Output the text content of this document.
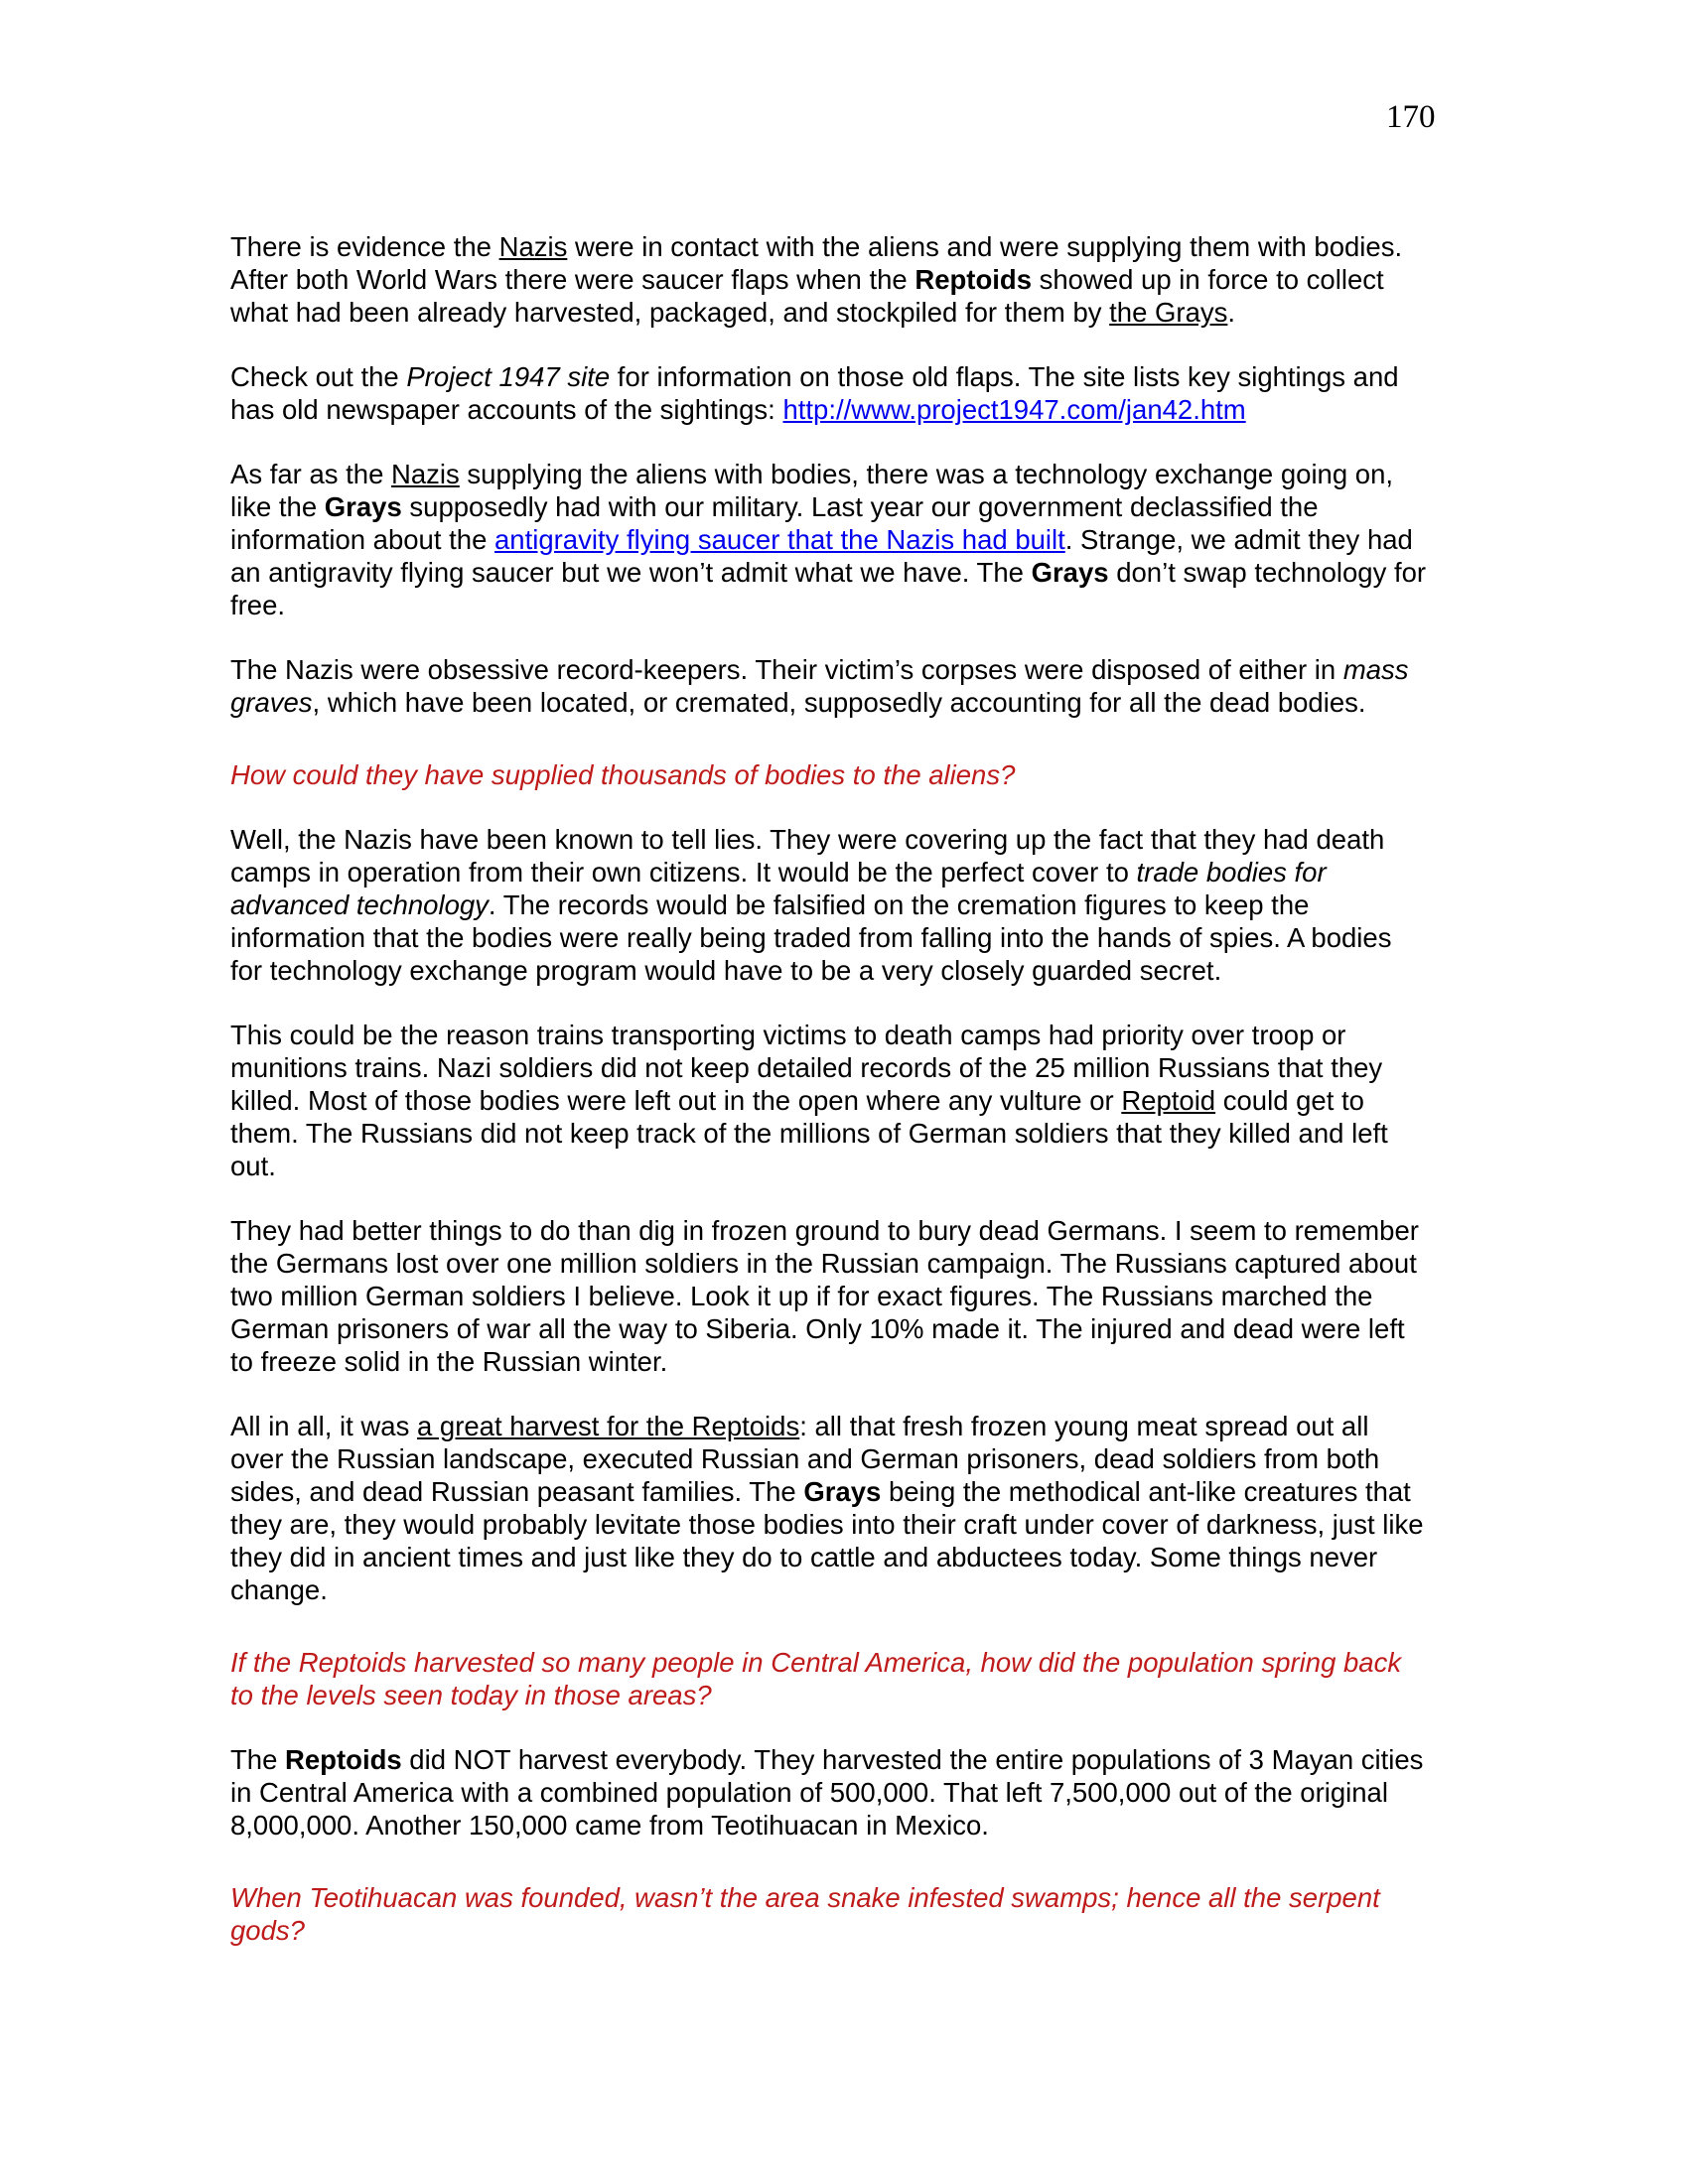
170

There is evidence the Nazis were in contact with the aliens and were supplying them with bodies. After both World Wars there were saucer flaps when the Reptoids showed up in force to collect what had been already harvested, packaged, and stockpiled for them by the Grays.

Check out the Project 1947 site for information on those old flaps. The site lists key sightings and has old newspaper accounts of the sightings: http://www.project1947.com/jan42.htm

As far as the Nazis supplying the aliens with bodies, there was a technology exchange going on, like the Grays supposedly had with our military. Last year our government declassified the information about the antigravity flying saucer that the Nazis had built. Strange, we admit they had an antigravity flying saucer but we won’t admit what we have. The Grays don’t swap technology for free.

The Nazis were obsessive record-keepers. Their victim’s corpses were disposed of either in mass graves, which have been located, or cremated, supposedly accounting for all the dead bodies.

How could they have supplied thousands of bodies to the aliens?

Well, the Nazis have been known to tell lies. They were covering up the fact that they had death camps in operation from their own citizens. It would be the perfect cover to trade bodies for advanced technology. The records would be falsified on the cremation figures to keep the information that the bodies were really being traded from falling into the hands of spies. A bodies for technology exchange program would have to be a very closely guarded secret.

This could be the reason trains transporting victims to death camps had priority over troop or munitions trains. Nazi soldiers did not keep detailed records of the 25 million Russians that they killed. Most of those bodies were left out in the open where any vulture or Reptoid could get to them. The Russians did not keep track of the millions of German soldiers that they killed and left out.

They had better things to do than dig in frozen ground to bury dead Germans. I seem to remember the Germans lost over one million soldiers in the Russian campaign. The Russians captured about two million German soldiers I believe. Look it up if for exact figures. The Russians marched the German prisoners of war all the way to Siberia. Only 10% made it. The injured and dead were left to freeze solid in the Russian winter.

All in all, it was a great harvest for the Reptoids: all that fresh frozen young meat spread out all over the Russian landscape, executed Russian and German prisoners, dead soldiers from both sides, and dead Russian peasant families. The Grays being the methodical ant-like creatures that they are, they would probably levitate those bodies into their craft under cover of darkness, just like they did in ancient times and just like they do to cattle and abductees today. Some things never change.

If the Reptoids harvested so many people in Central America, how did the population spring back to the levels seen today in those areas?

The Reptoids did NOT harvest everybody. They harvested the entire populations of 3 Mayan cities in Central America with a combined population of 500,000. That left 7,500,000 out of the original 8,000,000. Another 150,000 came from Teotihuacan in Mexico.

When Teotihuacan was founded, wasn’t the area snake infested swamps; hence all the serpent gods?
